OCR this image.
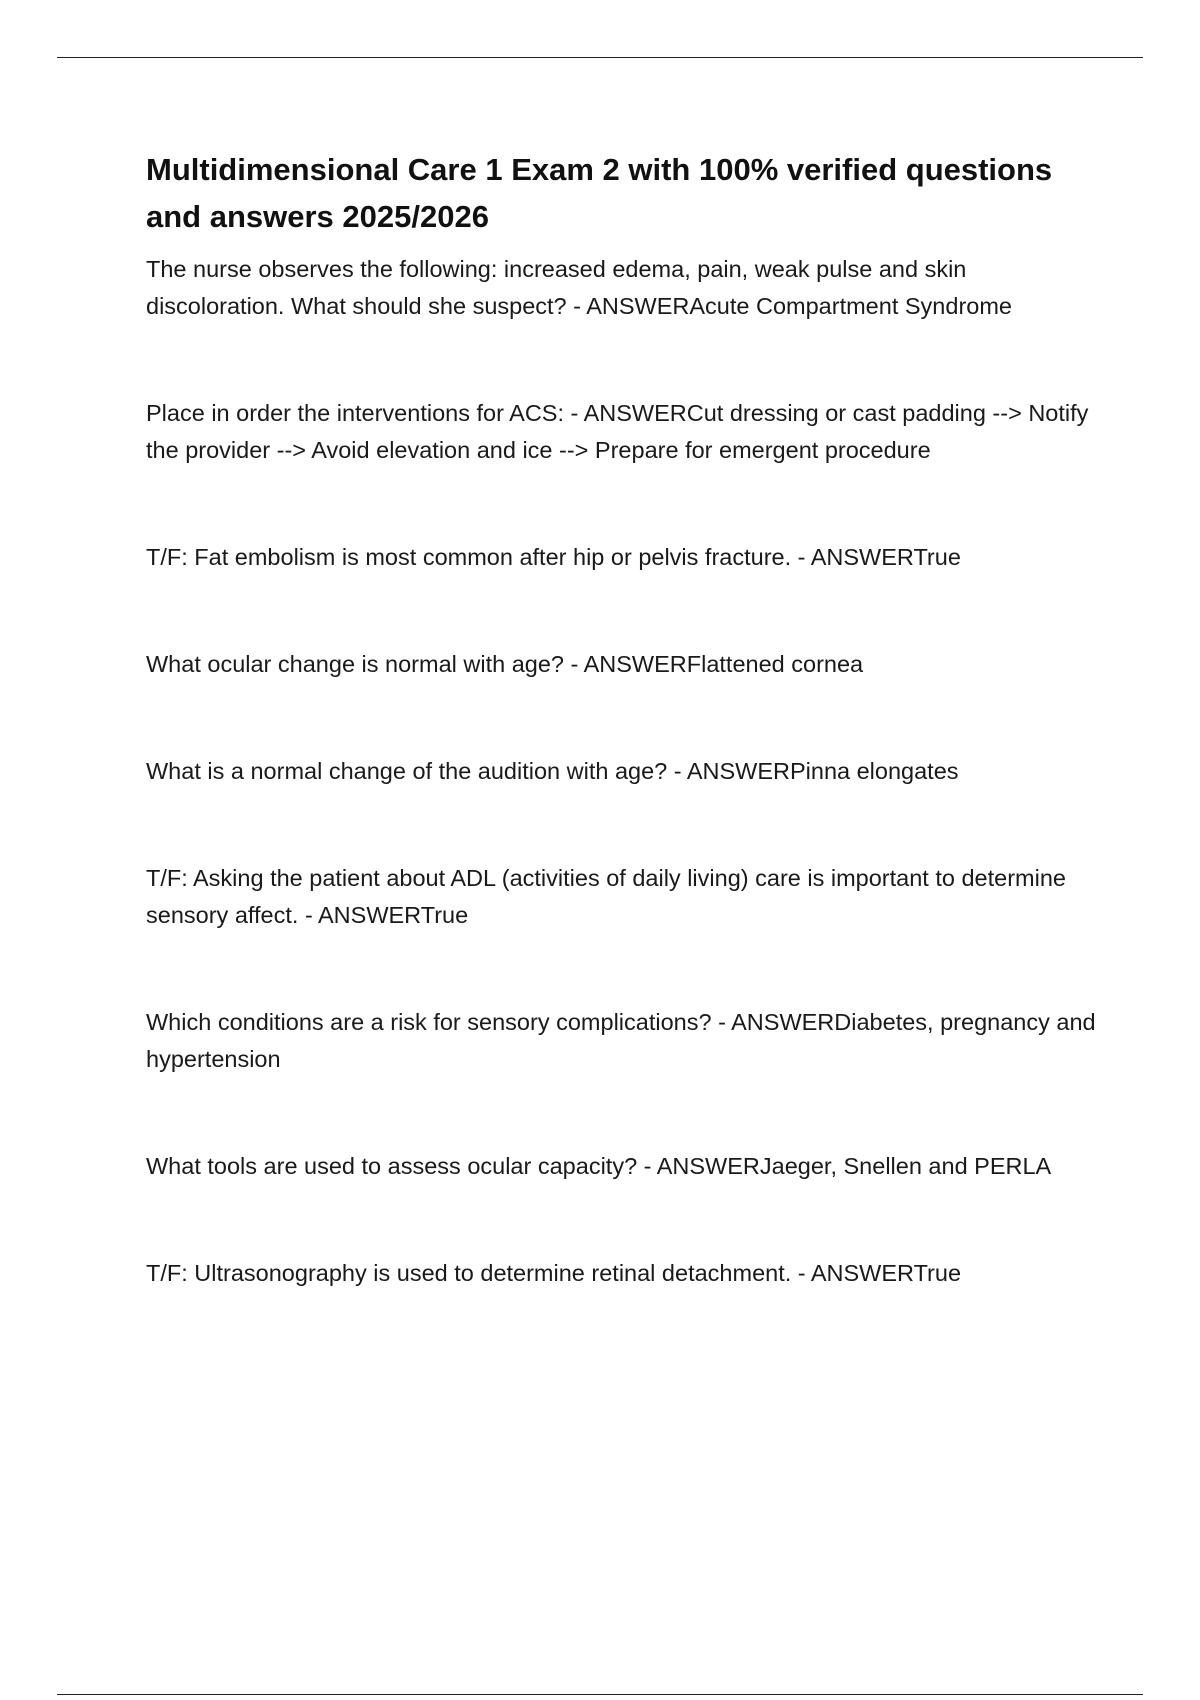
Multidimensional Care 1 Exam 2 with 100% verified questions and answers 2025/2026
The nurse observes the following: increased edema, pain, weak pulse and skin discoloration. What should she suspect? - ANSWERAcute Compartment Syndrome
Place in order the interventions for ACS: - ANSWERCut dressing or cast padding --> Notify the provider --> Avoid elevation and ice --> Prepare for emergent procedure
T/F: Fat embolism is most common after hip or pelvis fracture. - ANSWERTrue
What ocular change is normal with age? - ANSWERFlattened cornea
What is a normal change of the audition with age? - ANSWERPinna elongates
T/F: Asking the patient about ADL (activities of daily living) care is important to determine sensory affect. - ANSWERTrue
Which conditions are a risk for sensory complications? - ANSWERDiabetes, pregnancy and hypertension
What tools are used to assess ocular capacity? - ANSWERJaeger, Snellen and PERLA
T/F: Ultrasonography is used to determine retinal detachment. - ANSWERTrue
